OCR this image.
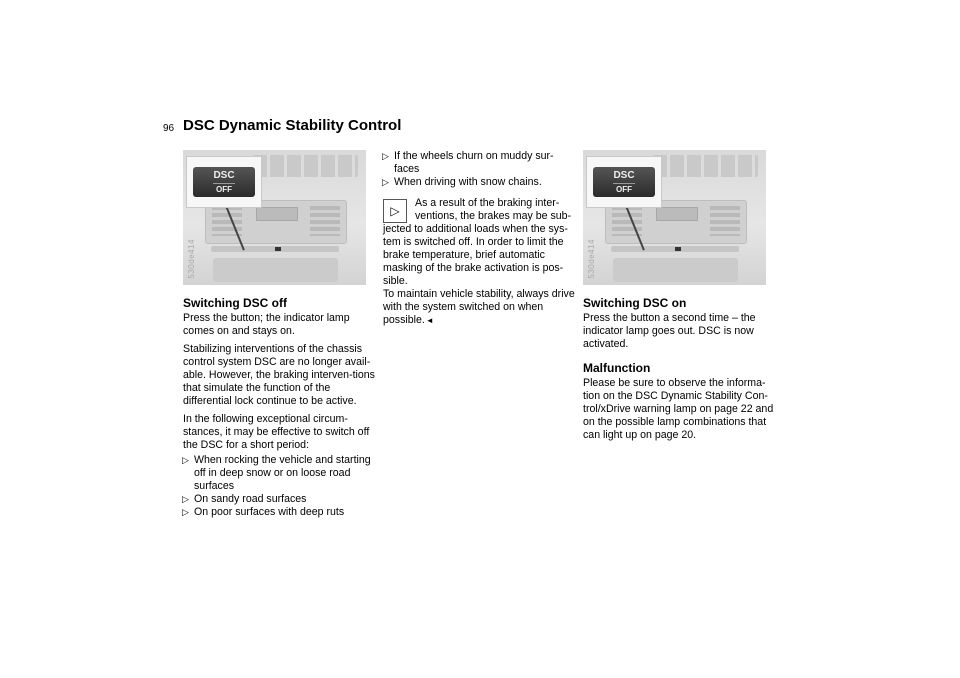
96 DSC Dynamic Stability Control
DSC
OFF
530de414
Switching DSC off

Press the button; the indicator lamp comes on and stays on.

Stabilizing interventions of the chassis control system DSC are no longer avail-able. However, the braking interven-tions that simulate the function of the differential lock continue to be active.

In the following exceptional circum-stances, it may be effective to switch off the DSC for a short period:

▷ When rocking the vehicle and starting off in deep snow or on loose road surfaces
▷ On sandy road surfaces
▷ On poor surfaces with deep ruts
▷ If the wheels churn on muddy sur-faces
▷ When driving with snow chains.
▷
As a result of the braking inter-ventions, the brakes may be sub-jected to additional loads when the sys-tem is switched off. In order to limit the brake temperature, brief automatic masking of the brake activation is pos-sible.
To maintain vehicle stability, always drive with the system switched on when possible. ◄
DSC
OFF
530de414
Switching DSC on

Press the button a second time – the indicator lamp goes out. DSC is now activated.

Malfunction

Please be sure to observe the informa-tion on the DSC Dynamic Stability Con-trol/xDrive warning lamp on page 22 and on the possible lamp combinations that can light up on page 20.
